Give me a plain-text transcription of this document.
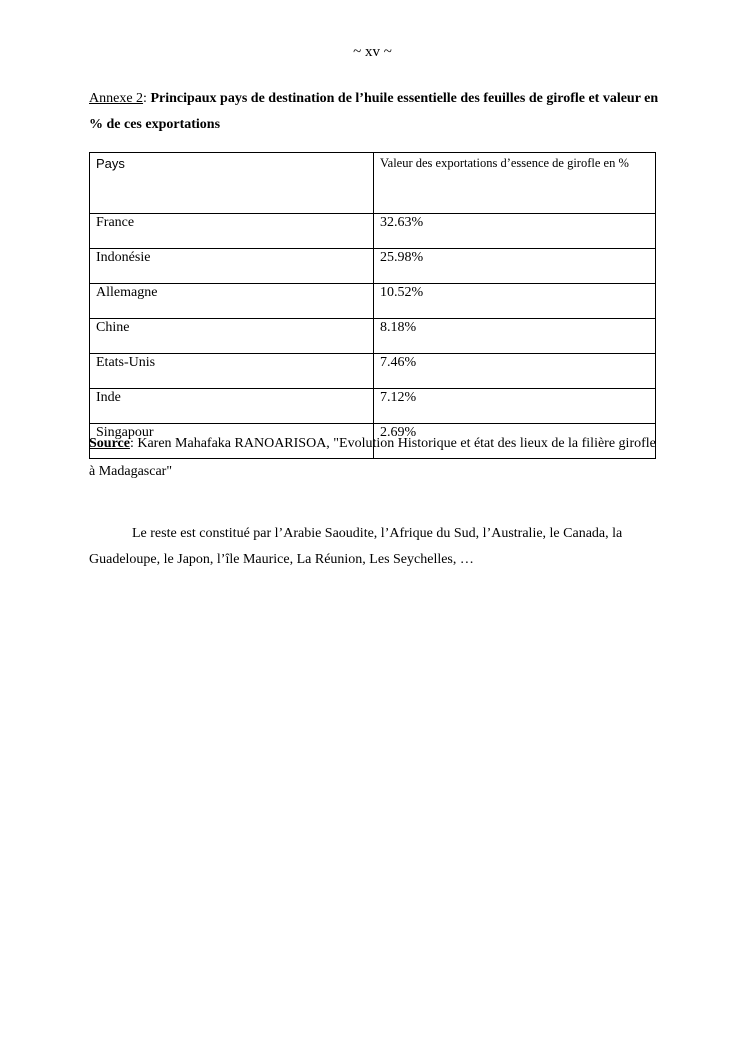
~ xv ~
Annexe 2: Principaux pays de destination de l’huile essentielle des feuilles de girofle et valeur en % de ces exportations
Pays	Valeur des exportations d’essence de girofle en %
France	32.63%
Indonésie	25.98%
Allemagne	10.52%
Chine	8.18%
Etats-Unis	7.46%
Inde	7.12%
Singapour	2.69%
Source: Karen Mahafaka RANOARISOA, "Evolution Historique et état des lieux de la filière girofle à Madagascar"
Le reste est constitué par l’Arabie Saoudite, l’Afrique du Sud, l’Australie, le Canada, la Guadeloupe, le Japon, l’île Maurice, La Réunion, Les Seychelles, …
